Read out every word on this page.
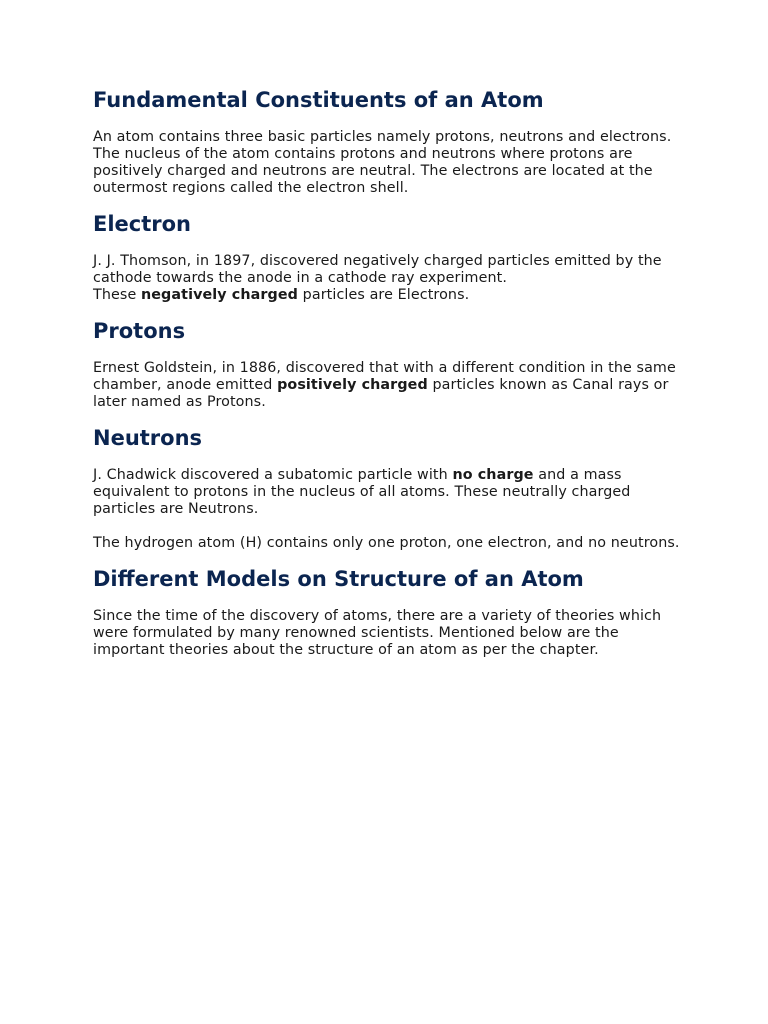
Fundamental Constituents of an Atom

An atom contains three basic particles namely protons, neutrons and electrons. The nucleus of the atom contains protons and neutrons where protons are positively charged and neutrons are neutral. The electrons are located at the outermost regions called the electron shell.

Electron

J. J. Thomson, in 1897, discovered negatively charged particles emitted by the cathode towards the anode in a cathode ray experiment.
These negatively charged particles are Electrons.

Protons

Ernest Goldstein, in 1886, discovered that with a different condition in the same chamber, anode emitted positively charged particles known as Canal rays or later named as Protons.

Neutrons

J. Chadwick discovered a subatomic particle with no charge and a mass equivalent to protons in the nucleus of all atoms. These neutrally charged particles are Neutrons.

The hydrogen atom (H) contains only one proton, one electron, and no neutrons.

Different Models on Structure of an Atom

Since the time of the discovery of atoms, there are a variety of theories which were formulated by many renowned scientists. Mentioned below are the important theories about the structure of an atom as per the chapter.
